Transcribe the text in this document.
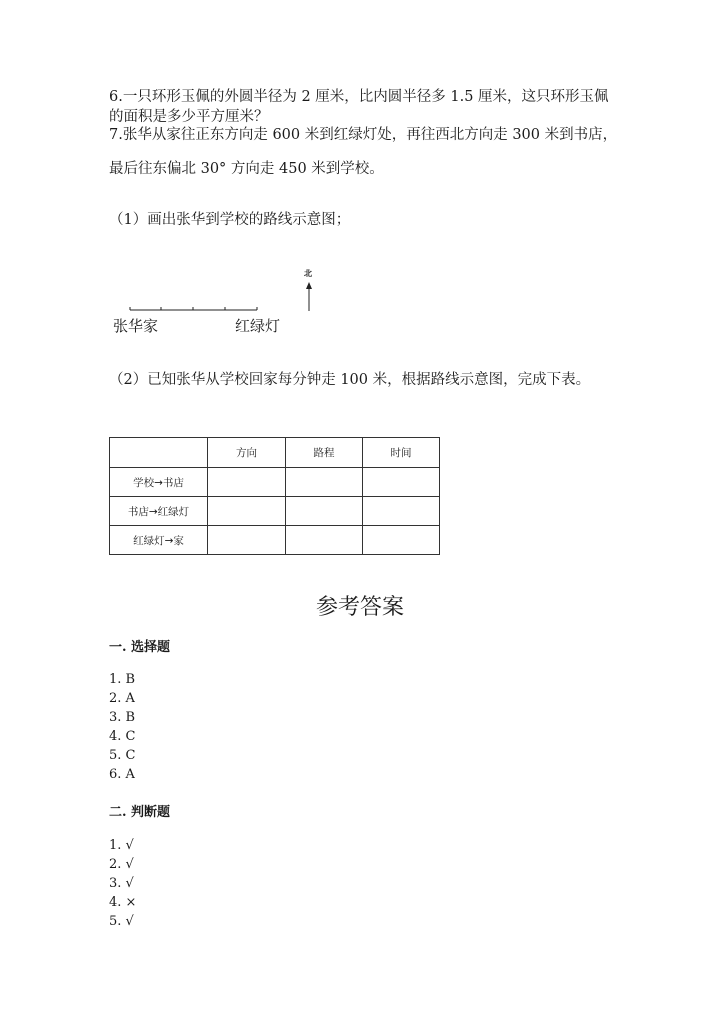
6.一只环形玉佩的外圆半径为 2 厘米，比内圆半径多 1.5 厘米，这只环形玉佩
的面积是多少平方厘米？
7.张华从家往正东方向走 600 米到红绿灯处，再往西北方向走 300 米到书店，
最后往东偏北 30° 方向走 450 米到学校。
（1）画出张华到学校的路线示意图；
北
张华家	红绿灯
（2）已知张华从学校回家每分钟走 100 米，根据路线示意图，完成下表。
	方向	路程	时间
学校→书店			
书店→红绿灯			
红绿灯→家			
参考答案
一. 选择题
1. B
2. A
3. B
4. C
5. C
6. A
二. 判断题
1. √
2. √
3. √
4. ×
5. √
